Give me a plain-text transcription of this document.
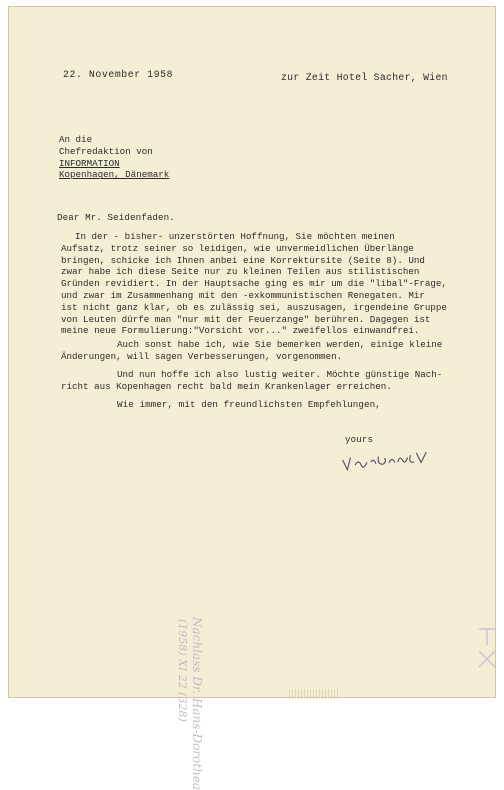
22. November 1958	zur Zeit Hotel Sacher, Wien
An die
Chefredaktion von
INFORMATION
Kopenhagen, Dänemark
Dear Mr. Seidenfaden.
In der - bisher- unzerstörten Hoffnung, Sie möchten meinen
Aufsatz, trotz seiner so leidigen, wie unvermeidlichen Überlänge
bringen, schicke ich Ihnen anbei eine Korrektursite (Seite 8). Und
zwar habe ich diese Seite nur zu kleinen Teilen aus stilistischen
Gründen revidiert. In der Hauptsache ging es mir um die "libal"-Frage,
und zwar im Zusammenhang mit den -exkommunistischen Renegaten. Mir
ist nicht ganz klar, ob es zulässig sei, auszusagen, irgendeine Gruppe
von Leuten dürfe man "nur mit der Feuerzange" berühren. Dagegen ist
meine neue Formulierung:"Vorsicht vor..." zweifellos einwandfrei.
Auch sonst habe ich, wie Sie bemerken werden, einige kleine
Änderungen, will sagen Verbesserungen, vorgenommen.
Und nun hoffe ich also lustig weiter. Möchte günstige Nach-
richt aus Kopenhagen recht bald mein Krankenlager erreichen.
Wie immer, mit den freundlichsten Empfehlungen,
yours
Nachlass Dr. Hans-Dorothea
(1958) XI 22 (328)
